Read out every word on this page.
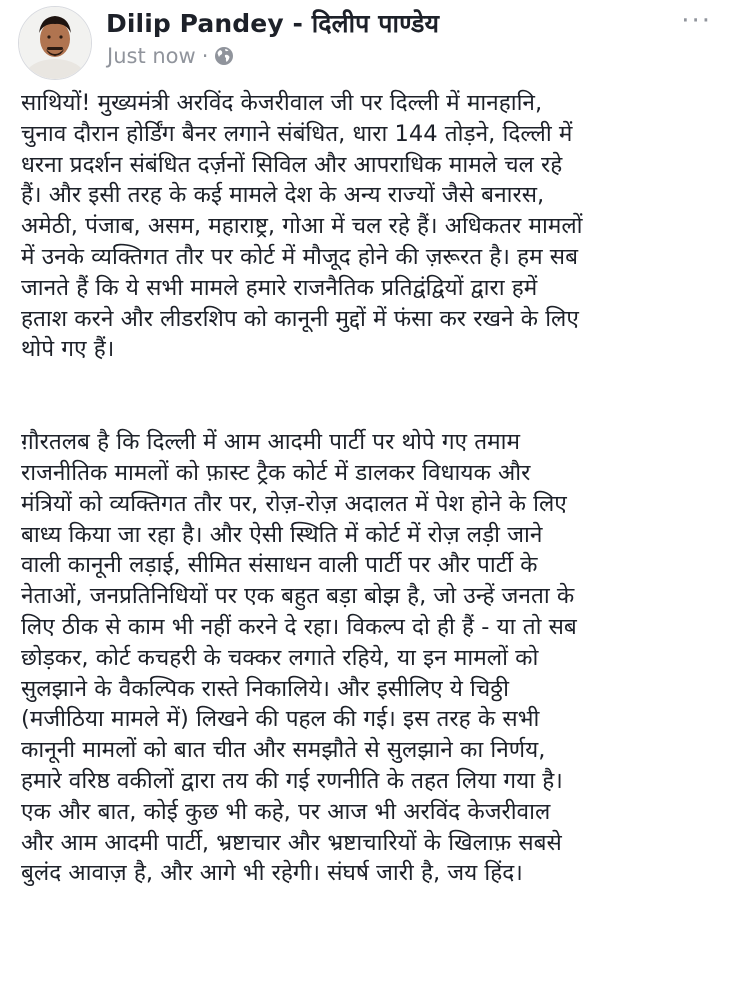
Dilip Pandey - दिलीप पाण्डेय
Just now ·
···
साथियों! मुख्यमंत्री अरविंद केजरीवाल जी पर दिल्ली में मानहानि,
चुनाव दौरान होर्डिंग बैनर लगाने संबंधित, धारा 144 तोड़ने, दिल्ली में
धरना प्रदर्शन संबंधित दर्ज़नों सिविल और आपराधिक मामले चल रहे
हैं। और इसी तरह के कई मामले देश के अन्य राज्यों जैसे बनारस,
अमेठी, पंजाब, असम, महाराष्ट्र, गोआ में चल रहे हैं। अधिकतर मामलों
में उनके व्यक्तिगत तौर पर कोर्ट में मौजूद होने की ज़रूरत है। हम सब
जानते हैं कि ये सभी मामले हमारे राजनैतिक प्रतिद्वंद्वियों द्वारा हमें
हताश करने और लीडरशिप को कानूनी मुद्दों में फंसा कर रखने के लिए
थोपे गए हैं।
ग़ौरतलब है कि दिल्ली में आम आदमी पार्टी पर थोपे गए तमाम
राजनीतिक मामलों को फ़ास्ट ट्रैक कोर्ट में डालकर विधायक और
मंत्रियों को व्यक्तिगत तौर पर, रोज़-रोज़ अदालत में पेश होने के लिए
बाध्य किया जा रहा है। और ऐसी स्थिति में कोर्ट में रोज़ लड़ी जाने
वाली कानूनी लड़ाई, सीमित संसाधन वाली पार्टी पर और पार्टी के
नेताओं, जनप्रतिनिधियों पर एक बहुत बड़ा बोझ है, जो उन्हें जनता के
लिए ठीक से काम भी नहीं करने दे रहा। विकल्प दो ही हैं - या तो सब
छोड़कर, कोर्ट कचहरी के चक्कर लगाते रहिये, या इन मामलों को
सुलझाने के वैकल्पिक रास्ते निकालिये। और इसीलिए ये चिठ्ठी
(मजीठिया मामले में) लिखने की पहल की गई। इस तरह के सभी
कानूनी मामलों को बात चीत और समझौते से सुलझाने का निर्णय,
हमारे वरिष्ठ वकीलों द्वारा तय की गई रणनीति के तहत लिया गया है।
एक और बात, कोई कुछ भी कहे, पर आज भी अरविंद केजरीवाल
और आम आदमी पार्टी, भ्रष्टाचार और भ्रष्टाचारियों के खिलाफ़ सबसे
बुलंद आवाज़ है, और आगे भी रहेगी। संघर्ष जारी है, जय हिंद।
